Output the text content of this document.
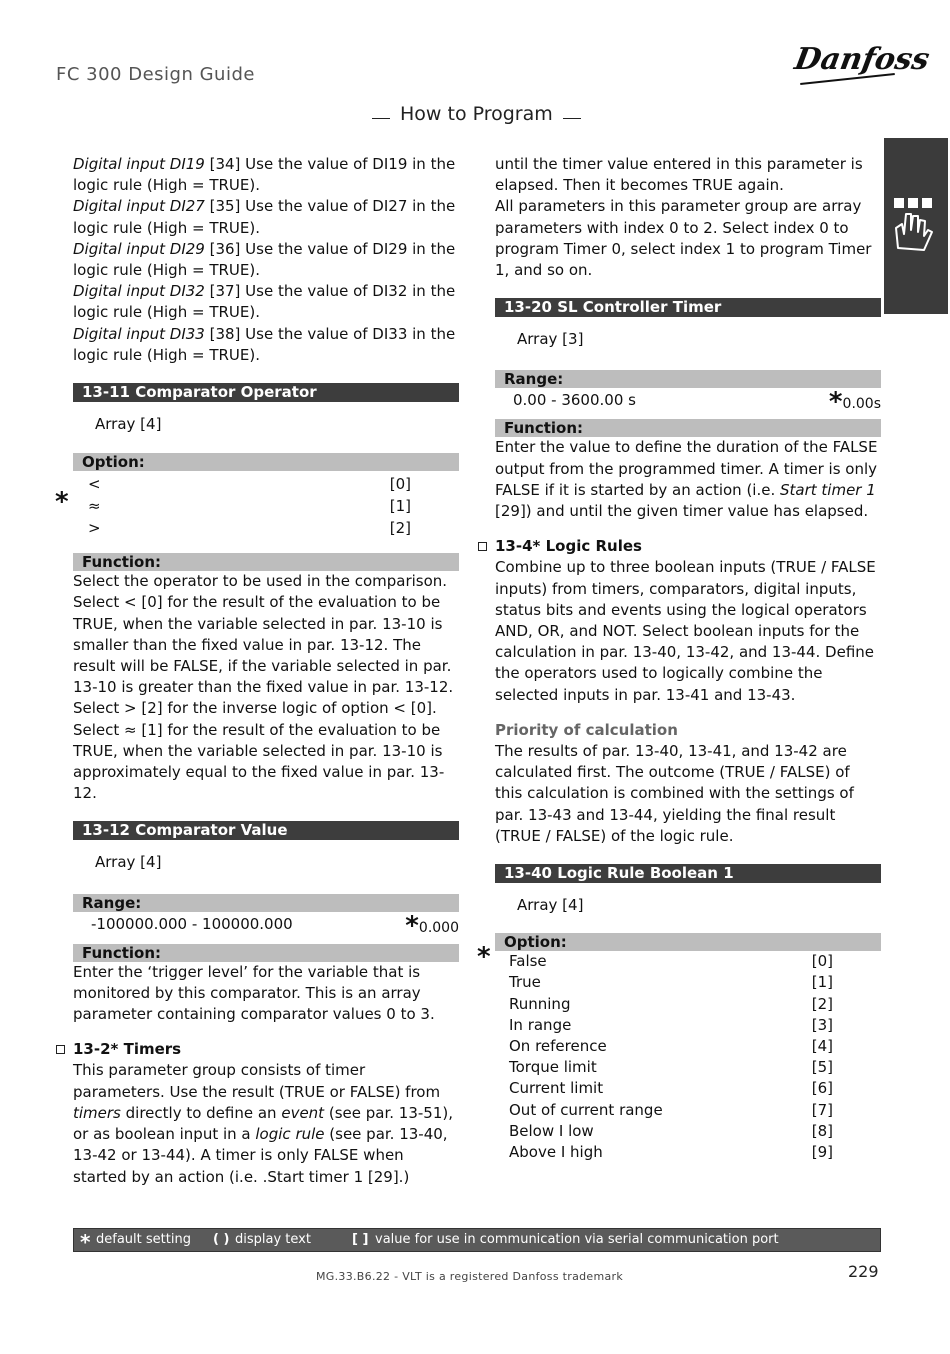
FC 300 Design Guide	Danfoss
How to Program

Digital input DI19 [34] Use the value of DI19 in the logic rule (High = TRUE).

Digital input DI27 [35] Use the value of DI27 in the logic rule (High = TRUE).

Digital input DI29 [36] Use the value of DI29 in the logic rule (High = TRUE).

Digital input DI32 [37] Use the value of DI32 in the logic rule (High = TRUE).

Digital input DI33 [38] Use the value of DI33 in the logic rule (High = TRUE).

13-11 Comparator Operator
Array [4]
Option:
<	[0]
* ≈	[1]
>	[2]
Function:

Select the operator to be used in the comparison. Select < [0] for the result of the evaluation to be TRUE, when the variable selected in par. 13-10 is smaller than the fixed value in par. 13-12. The result will be FALSE, if the variable selected in par. 13-10 is greater than the fixed value in par. 13-12. Select > [2] for the inverse logic of option < [0]. Select ≈ [1] for the result of the evaluation to be TRUE, when the variable selected in par. 13-10 is approximately equal to the fixed value in par. 13-12.

13-12 Comparator Value
Array [4]
Range:
-100000.000 - 100000.000	*0.000
Function:

Enter the ‘trigger level’ for the variable that is monitored by this comparator. This is an array parameter containing comparator values 0 to 3.

13-2* Timers

This parameter group consists of timer parameters. Use the result (TRUE or FALSE) from timers directly to define an event (see par. 13-51), or as boolean input in a logic rule (see par. 13-40, 13-42 or 13-44). A timer is only FALSE when started by an action (i.e. .Start timer 1 [29].)

until the timer value entered in this parameter is elapsed. Then it becomes TRUE again.

All parameters in this parameter group are array parameters with index 0 to 2. Select index 0 to program Timer 0, select index 1 to program Timer 1, and so on.

13-20 SL Controller Timer
Array [3]
Range:
0.00 - 3600.00 s	*0.00s
Function:

Enter the value to define the duration of the FALSE output from the programmed timer. A timer is only FALSE if it is started by an action (i.e. Start timer 1 [29]) and until the given timer value has elapsed.

13-4* Logic Rules

Combine up to three boolean inputs (TRUE / FALSE inputs) from timers, comparators, digital inputs, status bits and events using the logical operators AND, OR, and NOT. Select boolean inputs for the calculation in par. 13-40, 13-42, and 13-44. Define the operators used to logically combine the selected inputs in par. 13-41 and 13-43.

Priority of calculation

The results of par. 13-40, 13-41, and 13-42 are calculated first. The outcome (TRUE / FALSE) of this calculation is combined with the settings of par. 13-43 and 13-44, yielding the final result (TRUE / FALSE) of the logic rule.

13-40 Logic Rule Boolean 1
Array [4]
Option:
* False	[0]
True	[1]
Running	[2]
In range	[3]
On reference	[4]
Torque limit	[5]
Current limit	[6]
Out of current range	[7]
Below I low	[8]
Above I high	[9]
* default setting ( ) display text	[ ] value for use in communication via serial communication port
MG.33.B6.22 - VLT is a registered Danfoss trademark	229
